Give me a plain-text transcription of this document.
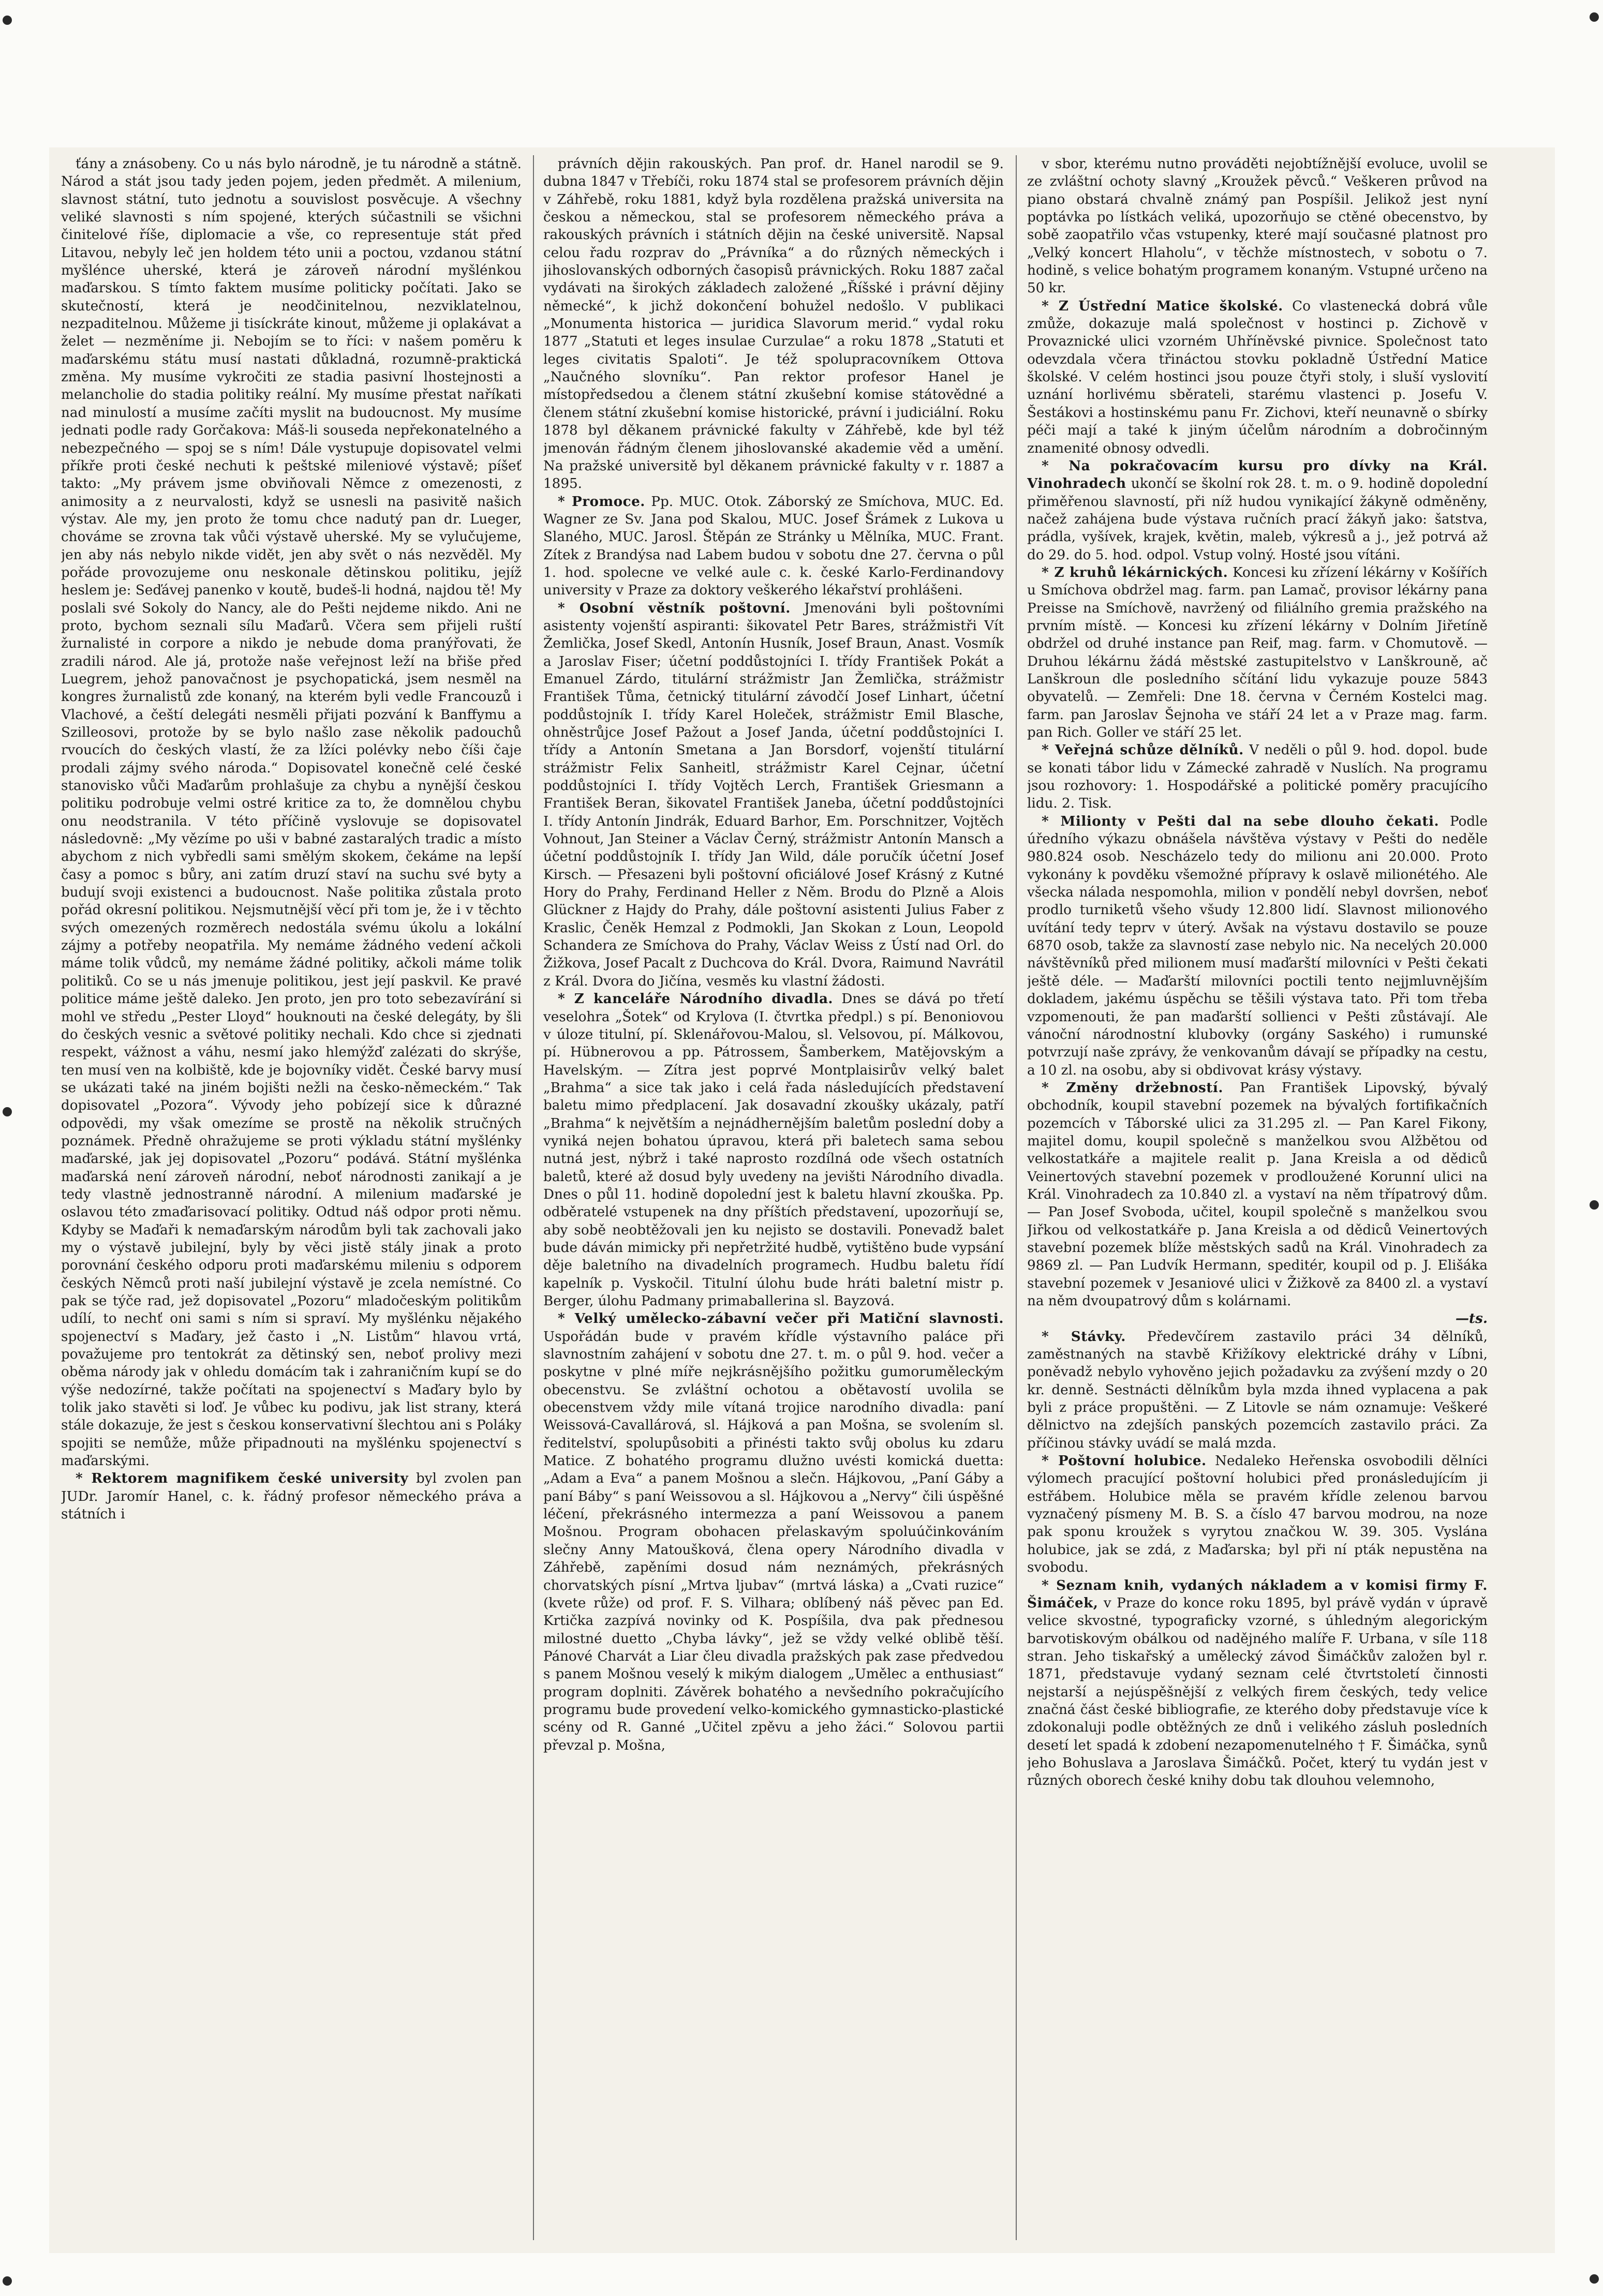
ťány a znásobeny. Co u nás bylo národně, je tu národně a státně. Národ a stát jsou tady jeden pojem, jeden předmět. A milenium, slavnost státní, tuto jednotu a souvislost posvěcuje. A všechny veliké slavnosti s ním spojené, kterých súčastnili se všichni činitelové říše, diplomacie a vše, co representuje stát před Litavou, nebyly leč jen holdem této unii a poctou, vzdanou státní myšlénce uherské, která je zároveň národní myšlénkou maďarskou. S tímto faktem musíme politicky počítati. Jako se skutečností, která je neodčinitelnou, nezviklatelnou, nezpaditelnou. Můžeme ji tisíckráte kinout, můžeme ji oplakávat a želet — nezměníme ji. Nebojím se to říci: v našem poměru k maďarskému státu musí nastati důkladná, rozumně-praktická změna. My musíme vykročiti ze stadia pasivní lhostejnosti a melancholie do stadia politiky reální. My musíme přestat naříkati nad minulostí a musíme začíti myslit na budoucnost. My musíme jednati podle rady Gorčakova: Máš-li souseda nepřekonatelného a nebezpečného — spoj se s ním! Dále vystupuje dopisovatel velmi příkře proti české nechuti k peštské mileniové výstavě; píšeť takto: „My právem jsme obviňovali Němce z omezenosti, z animosity a z neurvalosti, když se usnesli na pasivitě našich výstav. Ale my, jen proto že tomu chce nadutý pan dr. Lueger, chováme se zrovna tak vůči výstavě uherské. My se vylučujeme, jen aby nás nebylo nikde vidět, jen aby svět o nás nezvěděl. My pořáde provozujeme onu neskonale dětinskou politiku, jejíž heslem je: Seďávej panenko v koutě, budeš-li hodná, najdou tě! My poslali své Sokoly do Nancy, ale do Pešti nejdeme nikdo. Ani ne proto, bychom seznali sílu Maďarů. Včera sem přijeli ruští žurnalisté in corpore a nikdo je nebude doma pranýřovati, že zradili národ. Ale já, protože naše veřejnost leží na břiše před Luegrem, jehož panovačnost je psychopatická, jsem nesměl na kongres žurnalistů zde konaný, na kterém byli vedle Francouzů i Vlachové, a čeští delegáti nesměli přijati pozvání k Banffymu a Szilleosovi, protože by se bylo našlo zase několik padouchů rvoucích do českých vlastí, že za lžíci polévky nebo číši čaje prodali zájmy svého národa.“ Dopisovatel konečně celé české stanovisko vůči Maďarům prohlašuje za chybu a nynější českou politiku podrobuje velmi ostré kritice za to, že domnělou chybu onu neodstranila. V této příčině vyslovuje se dopisovatel následovně: „My vězíme po uši v babné zastaralých tradic a místo abychom z nich vybředli sami smělým skokem, čekáme na lepší časy a pomoc s bůry, ani zatím druzí staví na suchu své byty a budují svoji existenci a budoucnost. Naše politika zůstala proto pořád okresní politikou. Nejsmutnější věcí při tom je, že i v těchto svých omezených rozměrech nedostála svému úkolu a lokální zájmy a potřeby neopatřila. My nemáme žádného vedení ačkoli máme tolik vůdců, my nemáme žádné politiky, ačkoli máme tolik politiků. Co se u nás jmenuje politikou, jest její paskvil. Ke pravé politice máme ještě daleko. Jen proto, jen pro toto sebezavírání si mohl ve středu „Pester Lloyd“ houknouti na české delegáty, by šli do českých vesnic a světové politiky nechali. Kdo chce si zjednati respekt, vážnost a váhu, nesmí jako hlemýžď zalézati do skrýše, ten musí ven na kolbiště, kde je bojovníky vidět. České barvy musí se ukázati také na jiném bojišti nežli na česko-německém.“ Tak dopisovatel „Pozora“. Vývody jeho pobízejí sice k důrazné odpovědi, my však omezíme se prostě na několik stručných poznámek. Předně ohražujeme se proti výkladu státní myšlénky maďarské, jak jej dopisovatel „Pozoru“ podává. Státní myšlénka maďarská není zároveň národní, neboť národnosti zanikají a je tedy vlastně jednostranně národní. A milenium maďarské je oslavou této zmaďarisovací politiky. Odtud náš odpor proti němu. Kdyby se Maďaři k nemaďarským národům byli tak zachovali jako my o výstavě jubilejní, byly by věci jistě stály jinak a proto porovnání českého odporu proti maďarskému mileniu s odporem českých Němců proti naší jubilejní výstavě je zcela nemístné. Co pak se týče rad, jež dopisovatel „Pozoru“ mladočeským politikům udílí, to nechť oni sami s ním si spraví. My myšlénku nějakého spojenectví s Maďary, jež často i „N. Listům“ hlavou vrtá, považujeme pro tentokrát za dětinský sen, neboť prolivy mezi oběma národy jak v ohledu domácím tak i zahraničním kupí se do výše nedozírné, takže počítati na spojenectví s Maďary bylo by tolik jako stavěti si loď. Je vůbec ku podivu, jak list strany, která stále dokazuje, že jest s českou konservativní šlechtou ani s Poláky spojiti se nemůže, může připadnouti na myšlénku spojenectví s maďarskými.

* Rektorem magnifikem české university byl zvolen pan JUDr. Jaromír Hanel, c. k. řádný profesor německého práva a státních i

právních dějin rakouských. Pan prof. dr. Hanel narodil se 9. dubna 1847 v Třebíči, roku 1874 stal se profesorem právních dějin v Záhřebě, roku 1881, když byla rozdělena pražská universita na českou a německou, stal se profesorem německého práva a rakouských právních i státních dějin na české universitě. Napsal celou řadu rozprav do „Právníka“ a do různých německých i jihoslovanských odborných časopisů právnických. Roku 1887 začal vydávati na širokých základech založené „Říšské i právní dějiny německé“, k jichž dokončení bohužel nedošlo. V publikaci „Monumenta historica — juridica Slavorum merid.“ vydal roku 1877 „Statuti et leges insulae Curzulae“ a roku 1878 „Statuti et leges civitatis Spaloti“. Je též spolupracovníkem Ottova „Naučného slovníku“. Pan rektor profesor Hanel je místopředsedou a členem státní zkušební komise státovědné a členem státní zkušební komise historické, právní i judiciální. Roku 1878 byl děkanem právnické fakulty v Záhřebě, kde byl též jmenován řádným členem jihoslovanské akademie věd a umění. Na pražské universitě byl děkanem právnické fakulty v r. 1887 a 1895.

* Promoce. Pp. MUC. Otok. Záborský ze Smíchova, MUC. Ed. Wagner ze Sv. Jana pod Skalou, MUC. Josef Šrámek z Lukova u Slaného, MUC. Jarosl. Štěpán ze Stránky u Mělníka, MUC. Frant. Zítek z Brandýsa nad Labem budou v sobotu dne 27. června o půl 1. hod. spolecne ve velké aule c. k. české Karlo-Ferdinandovy university v Praze za doktory veškerého lékařství prohlášeni.

* Osobní věstník poštovní. Jmenováni byli poštovními asistenty vojenští aspiranti: šikovatel Petr Bares, strážmistři Vít Žemlička, Josef Skedl, Antonín Husník, Josef Braun, Anast. Vosmík a Jaroslav Fiser; účetní poddůstojníci I. třídy František Pokát a Emanuel Zárdo, titulární strážmistr Jan Žemlička, strážmistr František Tůma, četnický titulární závodčí Josef Linhart, účetní poddůstojník I. třídy Karel Holeček, strážmistr Emil Blasche, ohněstrůjce Josef Pažout a Josef Janda, účetní poddůstojníci I. třídy a Antonín Smetana a Jan Borsdorf, vojenští titulární strážmistr Felix Sanheitl, strážmistr Karel Cejnar, účetní poddůstojníci I. třídy Vojtěch Lerch, František Griesmann a František Beran, šikovatel František Janeba, účetní poddůstojníci I. třídy Antonín Jindrák, Eduard Barhor, Em. Porschnitzer, Vojtěch Vohnout, Jan Steiner a Václav Černý, strážmistr Antonín Mansch a účetní poddůstojník I. třídy Jan Wild, dále poručík účetní Josef Kirsch. — Přesazeni byli poštovní oficiálové Josef Krásný z Kutné Hory do Prahy, Ferdinand Heller z Něm. Brodu do Plzně a Alois Glückner z Hajdy do Prahy, dále poštovní asistenti Julius Faber z Kraslic, Čeněk Hemzal z Podmokli, Jan Skokan z Loun, Leopold Schandera ze Smíchova do Prahy, Václav Weiss z Ústí nad Orl. do Žižkova, Josef Pacalt z Duchcova do Král. Dvora, Raimund Navrátil z Král. Dvora do Jičína, vesměs ku vlastní žádosti.

* Z kanceláře Národního divadla. Dnes se dává po třetí veselohra „Šotek“ od Krylova (I. čtvrtka předpl.) s pí. Benoniovou v úloze titulní, pí. Sklenářovou-Malou, sl. Velsovou, pí. Málkovou, pí. Hübnerovou a pp. Pátrossem, Šamberkem, Matějovským a Havelským. — Zítra jest poprvé Montplaisirův velký balet „Brahma“ a sice tak jako i celá řada následujících představení baletu mimo předplacení. Jak dosavadní zkoušky ukázaly, patří „Brahma“ k největším a nejnádhernějším baletům poslední doby a vyniká nejen bohatou úpravou, která při baletech sama sebou nutná jest, nýbrž i také naprosto rozdílná ode všech ostatních baletů, které až dosud byly uvedeny na jevišti Národního divadla. Dnes o půl 11. hodině dopolední jest k baletu hlavní zkouška. Pp. odběratelé vstupenek na dny příštích představení, upozorňují se, aby sobě neobtěžovali jen ku nejisto se dostavili. Ponevadž balet bude dáván mimicky při nepřetržité hudbě, vytištěno bude vypsání děje baletního na divadelních programech. Hudbu baletu řídí kapelník p. Vyskočil. Titulní úlohu bude hráti baletní mistr p. Berger, úlohu Padmany primaballerina sl. Bayzová.

* Velký umělecko-zábavní večer při Matiční slavnosti. Uspořádán bude v pravém křídle výstavního paláce při slavnostním zahájení v sobotu dne 27. t. m. o půl 9. hod. večer a poskytne v plné míře nejkrásnějšího požitku gumoruměleckým obecenstvu. Se zvláštní ochotou a obětavostí uvolila se obecenstvem vždy mile vítaná trojice narodního divadla: paní Weissová-Cavallárová, sl. Hájková a pan Mošna, se svolením sl. ředitelství, spolupůsobiti a přinésti takto svůj obolus ku zdaru Matice. Z bohatého programu dlužno uvésti komická duetta: „Adam a Eva“ a panem Mošnou a slečn. Hájkovou, „Paní Gáby a paní Báby“ s paní Weissovou a sl. Hájkovou a „Nervy“ čili úspěšné léčení, překrásného intermezza a paní Weissovou a panem Mošnou. Program obohacen přelaskavým spoluúčinkováním slečny Anny Matoušková, člena opery Národního divadla v Záhřebě, zapěními dosud nám neznámých, překrásných chorvatských písní „Mrtva ljubav“ (mrtvá láska) a „Cvati ruzice“ (kvete růže) od prof. F. S. Vilhara; oblíbený náš pěvec pan Ed. Krtička zazpívá novinky od K. Pospíšila, dva pak přednesou milostné duetto „Chyba lávky“, jež se vždy velké oblibě těší. Pánové Charvát a Liar čleu divadla pražských pak zase předvedou s panem Mošnou veselý k mikým dialogem „Umělec a enthusiast“ program doplniti. Závěrek bohatého a nevšedního pokračujícího programu bude provedení velko-komického gymnasticko-plastické scény od R. Ganné „Učitel zpěvu a jeho žáci.“ Solovou partii převzal p. Mošna,

v sbor, kterému nutno prováděti nejobtížnější evoluce, uvolil se ze zvláštní ochoty slavný „Kroužek pěvců.“ Veškeren průvod na piano obstará chvalně známý pan Pospíšil. Jelikož jest nyní poptávka po lístkách veliká, upozorňujo se ctěné obecenstvo, by sobě zaopatřilo včas vstupenky, které mají současné platnost pro „Velký koncert Hlaholu“, v těchže místnostech, v sobotu o 7. hodině, s velice bohatým programem konaným. Vstupné určeno na 50 kr.

* Z Ústřední Matice školské. Co vlastenecká dobrá vůle zmůže, dokazuje malá společnost v hostinci p. Zichově v Provaznické ulici vzorném Uhříněvské pivnice. Společnost tato odevzdala včera třináctou stovku pokladně Ústřední Matice školské. V celém hostinci jsou pouze čtyři stoly, i sluší vyslovití uznání horlivému sběrateli, starému vlastenci p. Josefu V. Šestákovi a hostinskému panu Fr. Zichovi, kteří neunavně o sbírky péči mají a také k jiným účelům národním a dobročinným znamenité obnosy odvedli.

* Na pokračovacím kursu pro dívky na Král. Vinohradech ukončí se školní rok 28. t. m. o 9. hodině dopolední přiměřenou slavností, při níž hudou vynikající žákyně odměněny, načež zahájena bude výstava ručních prací žákyň jako: šatstva, prádla, vyšívek, krajek, květin, maleb, výkresů a j., jež potrvá až do 29. do 5. hod. odpol. Vstup volný. Hosté jsou vítáni.

* Z kruhů lékárnických. Koncesi ku zřízení lékárny v Košířích u Smíchova obdržel mag. farm. pan Lamač, provisor lékárny pana Preisse na Smíchově, navržený od filiálního gremia pražského na prvním místě. — Koncesi ku zřízení lékárny v Dolním Jiřetíně obdržel od druhé instance pan Reif, mag. farm. v Chomutově. — Druhou lékárnu žádá městské zastupitelstvo v Lanškrouně, ač Lanškroun dle posledního sčítání lidu vykazuje pouze 5843 obyvatelů. — Zemřeli: Dne 18. června v Černém Kostelci mag. farm. pan Jaroslav Šejnoha ve stáří 24 let a v Praze mag. farm. pan Rich. Goller ve stáří 25 let.

* Veřejná schůze dělníků. V neděli o půl 9. hod. dopol. bude se konati tábor lidu v Zámecké zahradě v Nuslích. Na programu jsou rozhovory: 1. Hospodářské a politické poměry pracujícího lidu. 2. Tisk.

* Milionty v Pešti dal na sebe dlouho čekati. Podle úředního výkazu obnášela návštěva výstavy v Pešti do neděle 980.824 osob. Nescházelo tedy do milionu ani 20.000. Proto vykonány k povděku všemožné přípravy k oslavě milionétého. Ale všecka nálada nespomohla, milion v pondělí nebyl dovršen, neboť prodlo turniketů všeho všudy 12.800 lidí. Slavnost milionového uvítání tedy teprv v úterý. Avšak na výstavu dostavilo se pouze 6870 osob, takže za slavností zase nebylo nic. Na necelých 20.000 návštěvníků před milionem musí maďarští milovníci v Pešti čekati ještě déle. — Maďarští milovníci poctili tento nejjmluvnějším dokladem, jakému úspěchu se těšili výstava tato. Při tom třeba vzpomenouti, že pan maďarští sollienci v Pešti zůstávají. Ale vánoční národnostní klubovky (orgány Saského) i rumunské potvrzují naše zprávy, že venkovanům dávají se případky na cestu, a 10 zl. na osobu, aby si obdivovat krásy výstavy.

* Změny držebností. Pan František Lipovský, bývalý obchodník, koupil stavební pozemek na bývalých fortifikačních pozemcích v Táborské ulici za 31.295 zl. — Pan Karel Fikony, majitel domu, koupil společně s manželkou svou Alžbětou od velkostatkáře a majitele realit p. Jana Kreisla a od dědiců Veinertových stavební pozemek v prodloužené Korunní ulici na Král. Vinohradech za 10.840 zl. a vystaví na něm třípatrový dům. — Pan Josef Svoboda, učitel, koupil společně s manželkou svou Jiřkou od velkostatkáře p. Jana Kreisla a od dědiců Veinertových stavební pozemek blíže městských sadů na Král. Vinohradech za 9869 zl. — Pan Ludvík Hermann, speditér, koupil od p. J. Elišáka stavební pozemek v Jesaniové ulici v Žižkově za 8400 zl. a vystaví na něm dvoupatrový dům s kolárnami.

—ts.

* Stávky. Předevčírem zastavilo práci 34 dělníků, zaměstnaných na stavbě Křižíkovy elektrické dráhy v Líbni, poněvadž nebylo vyhověno jejich požadavku za zvýšení mzdy o 20 kr. denně. Sestnácti dělníkům byla mzda ihned vyplacena a pak byli z práce propuštěni. — Z Litovle se nám oznamuje: Veškeré dělnictvo na zdejších panských pozemcích zastavilo práci. Za příčinou stávky uvádí se malá mzda.

* Poštovní holubice. Nedaleko Heřenska osvobodili dělníci výlomech pracující poštovní holubici před pronásledujícím ji estřábem. Holubice měla se pravém křídle zelenou barvou vyznačený písmeny M. B. S. a číslo 47 barvou modrou, na noze pak sponu kroužek s vyrytou značkou W. 39. 305. Vyslána holubice, jak se zdá, z Maďarska; byl při ní pták nepustěna na svobodu.

* Seznam knih, vydaných nákladem a v komisi firmy F. Šimáček, v Praze do konce roku 1895, byl právě vydán v úpravě velice skvostné, typograficky vzorné, s úhledným alegorickým barvotiskovým obálkou od nadějného malíře F. Urbana, v síle 118 stran. Jeho tiskařský a umělecký závod Šimáčkův založen byl r. 1871, představuje vydaný seznam celé čtvrtstoletí činnosti nejstarší a nejúspěšnější z velkých firem českých, tedy velice značná část české bibliografie, ze kterého doby představuje více k zdokonaluji podle obtěžných ze dnů i velikého zásluh posledních desetí let spadá k zdobení nezapomenutelného † F. Šimáčka, synů jeho Bohuslava a Jaroslava Šimáčků. Počet, který tu vydán jest v různých oborech české knihy dobu tak dlouhou velemnoho,
